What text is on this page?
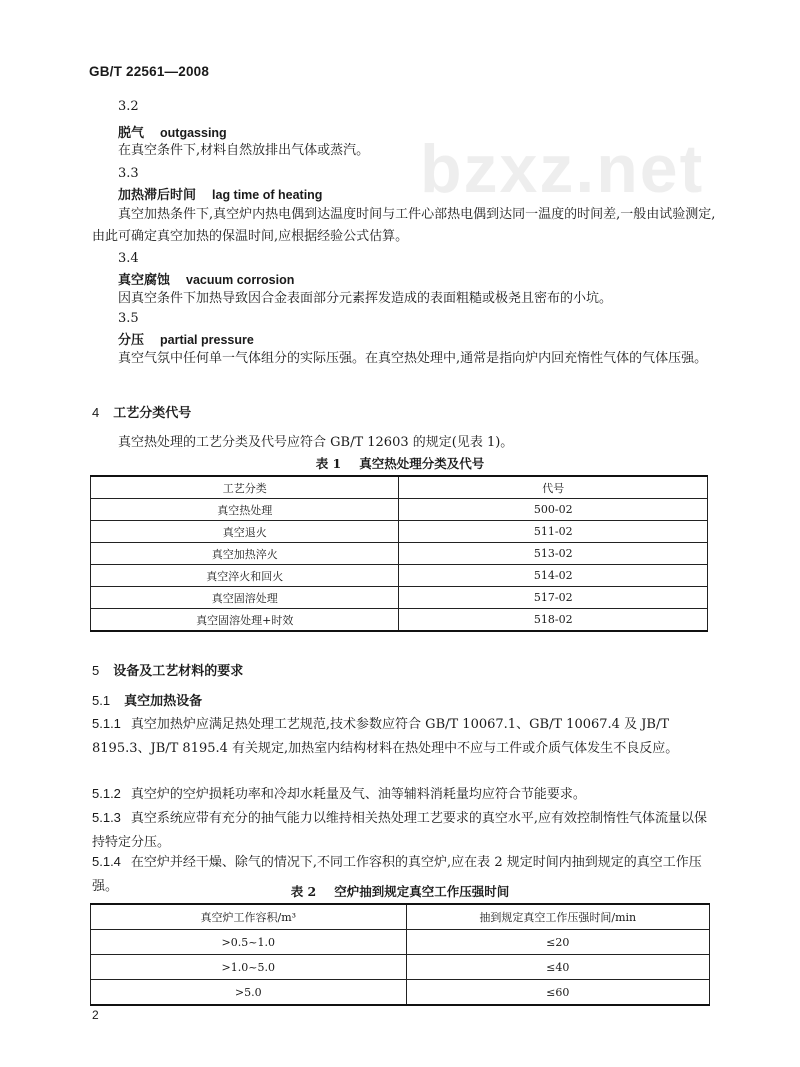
bzxz.net
GB/T 22561—2008
3.2
脱气 outgassing
在真空条件下,材料自然放排出气体或蒸汽。
3.3
加热滞后时间 lag time of heating
真空加热条件下,真空炉内热电偶到达温度时间与工件心部热电偶到达同一温度的时间差,一般由试验测定,由此可确定真空加热的保温时间,应根据经验公式估算。
3.4
真空腐蚀 vacuum corrosion
因真空条件下加热导致因合金表面部分元素挥发造成的表面粗糙或极尧且密布的小坑。
3.5
分压 partial pressure
真空气氛中任何单一气体组分的实际压强。在真空热处理中,通常是指向炉内回充惰性气体的气体压强。
4 工艺分类代号
真空热处理的工艺分类及代号应符合 GB/T 12603 的规定(见表 1)。
表 1 真空热处理分类及代号
工艺分类	代号
真空热处理	500-02
真空退火	511-02
真空加热淬火	513-02
真空淬火和回火	514-02
真空固溶处理	517-02
真空固溶处理+时效	518-02
5 设备及工艺材料的要求
5.1 真空加热设备
5.1.1 真空加热炉应满足热处理工艺规范,技术参数应符合 GB/T 10067.1、GB/T 10067.4 及 JB/T 8195.3、JB/T 8195.4 有关规定,加热室内结构材料在热处理中不应与工件或介质气体发生不良反应。
5.1.2 真空炉的空炉损耗功率和冷却水耗量及气、油等辅料消耗量均应符合节能要求。
5.1.3 真空系统应带有充分的抽气能力以维持相关热处理工艺要求的真空水平,应有效控制惰性气体流量以保持特定分压。
5.1.4 在空炉并经干燥、除气的情况下,不同工作容积的真空炉,应在表 2 规定时间内抽到规定的真空工作压强。	表 2 空炉抽到规定真空工作压强时间
真空炉工作容积/m³	抽到规定真空工作压强时间/min
>0.5~1.0	≤20
>1.0~5.0	≤40
>5.0	≤60
2
